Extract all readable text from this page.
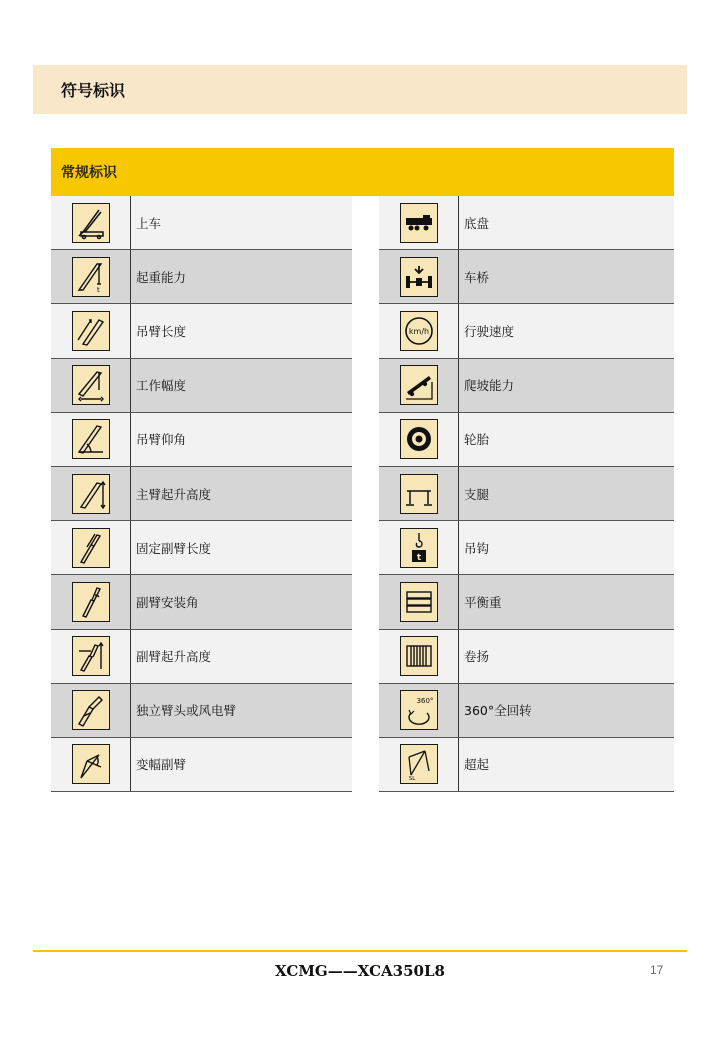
符号标识
常规标识
上车
t
起重能力
吊臂长度
工作幅度
吊臂仰角
主臂起升高度
固定副臂长度
副臂安装角
副臂起升高度
独立臂头或风电臂
变幅副臂
底盘
车桥
km/h	行驶速度
爬坡能力
轮胎
支腿
t
吊钩
平衡重
卷扬
360°
360°全回转
SL
超起
XCMG——XCA350L8	17
